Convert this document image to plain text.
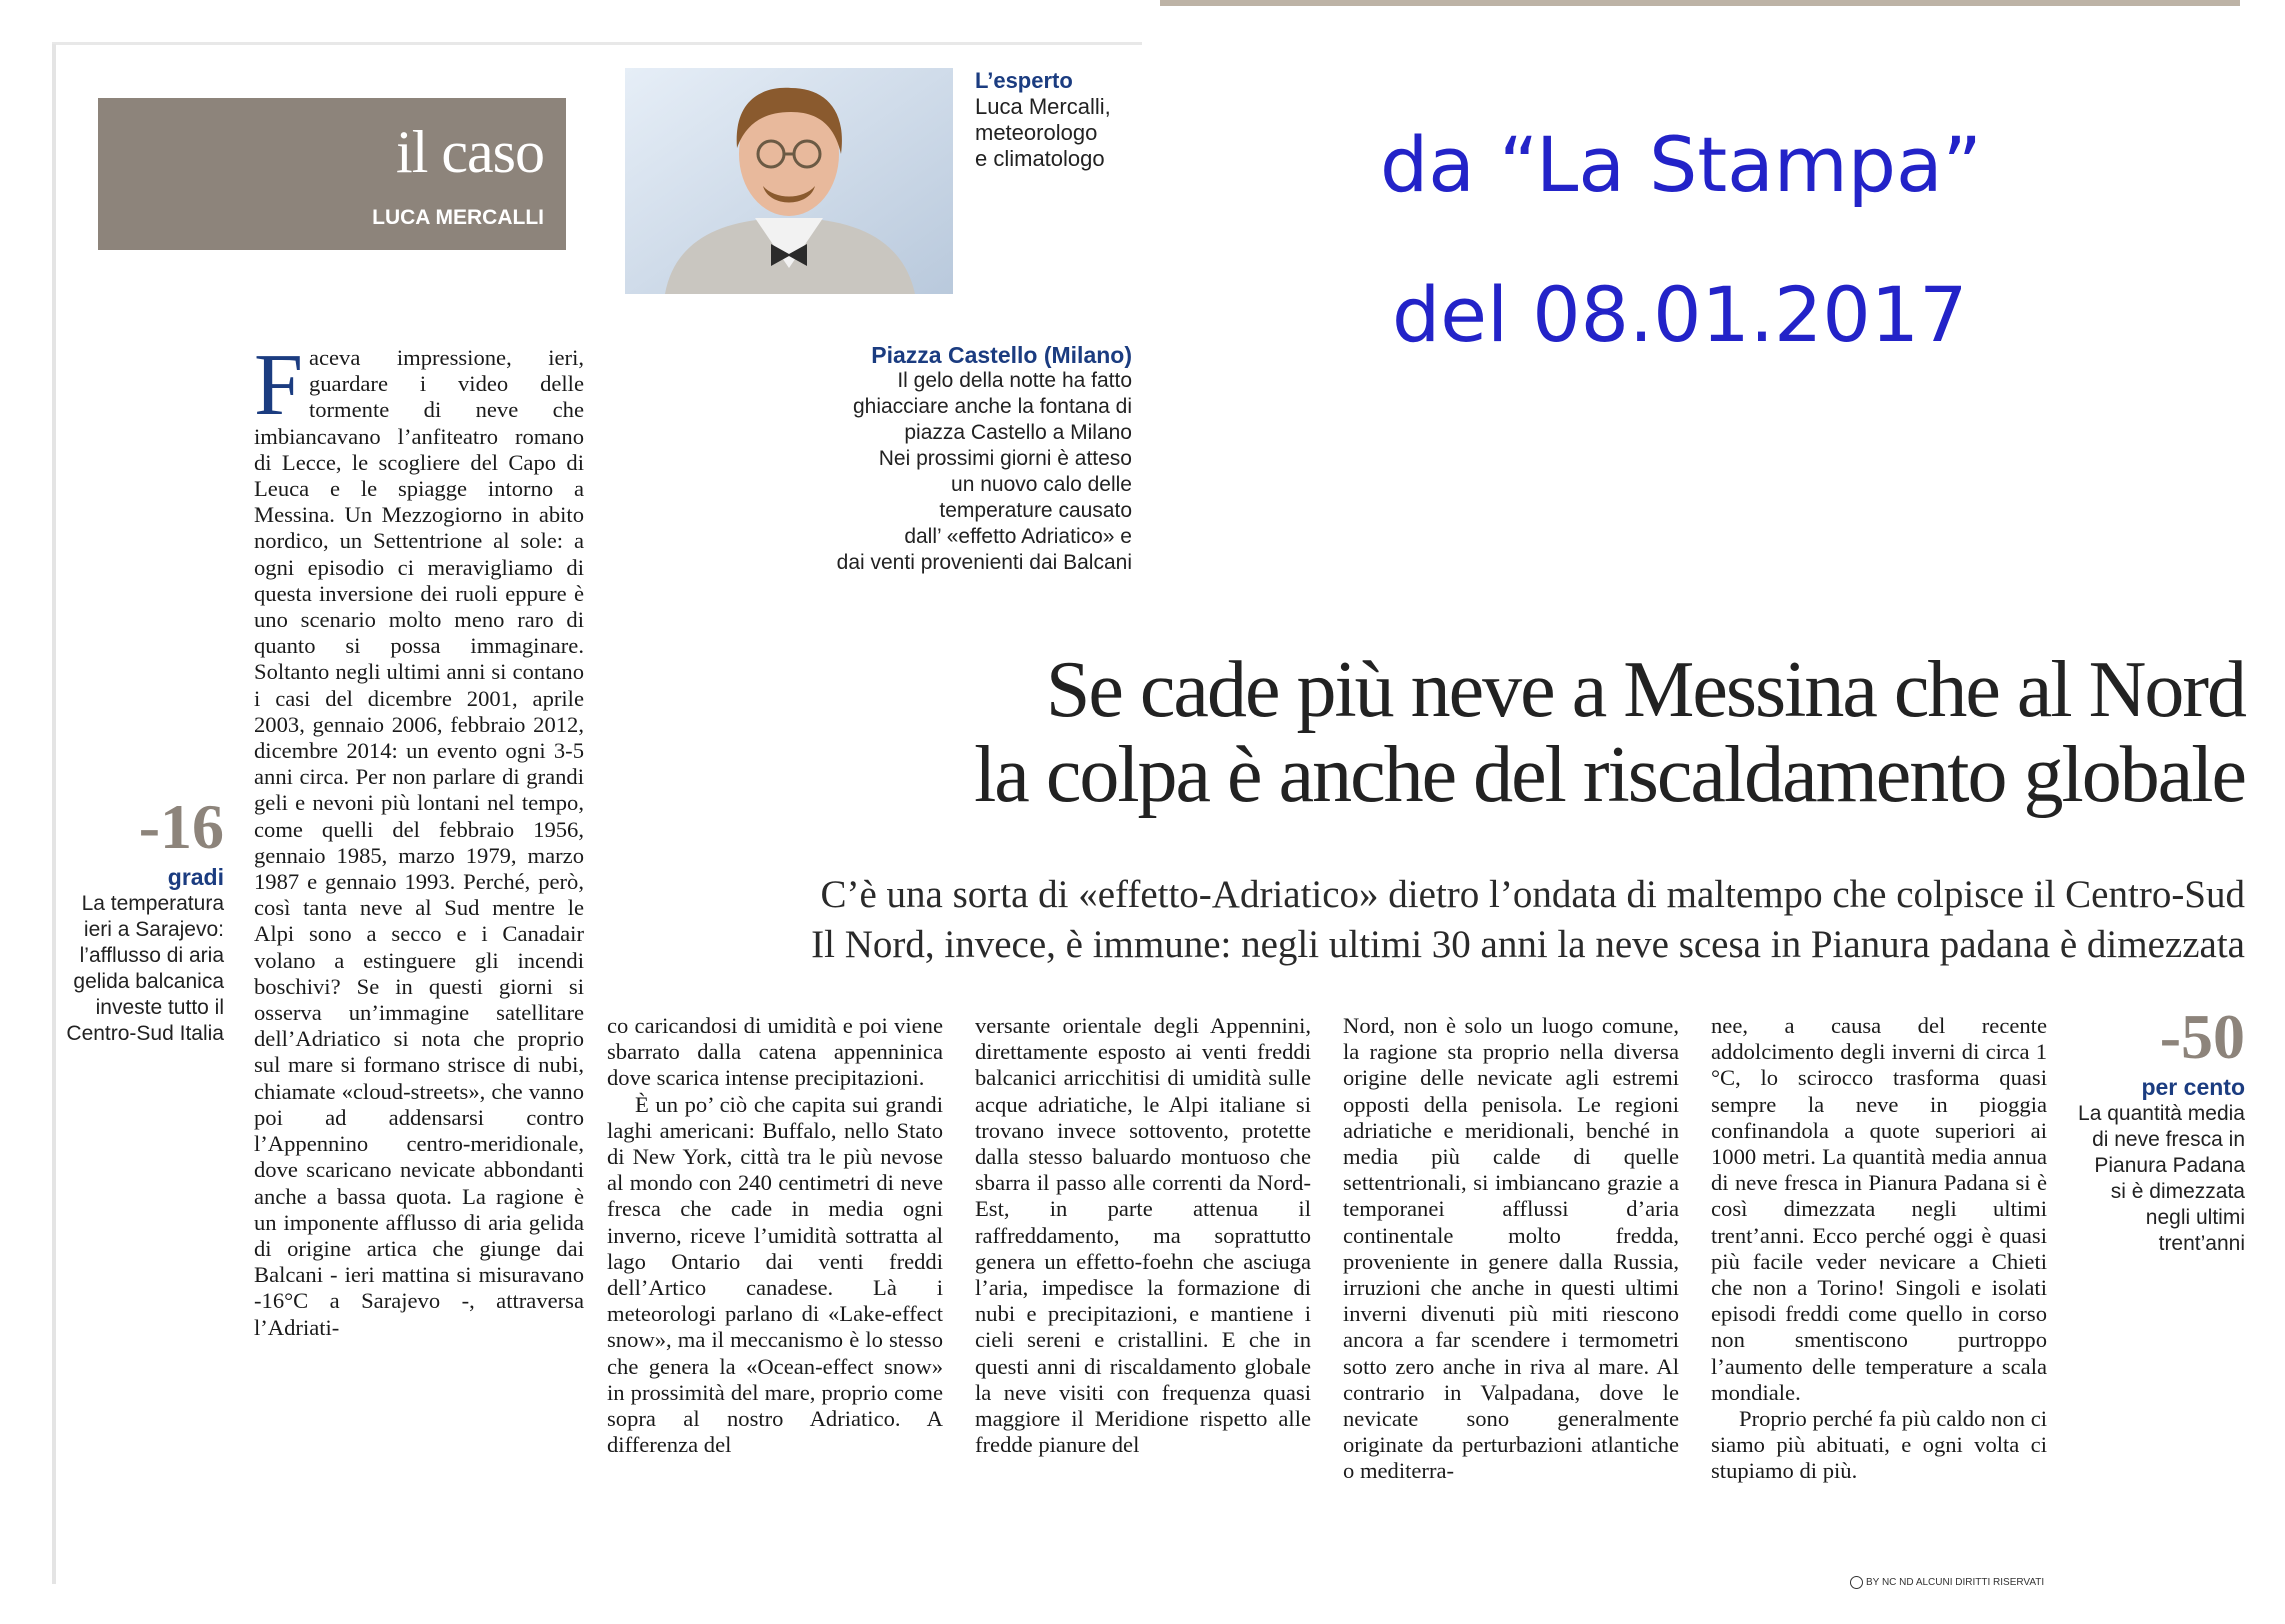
il caso
LUCA MERCALLI
L’esperto
Luca Mercalli,
meteorologo
e climatologo	da “La Stampa”
del 08.01.2017
Piazza Castello (Milano)
Il gelo della notte ha fatto
ghiacciare anche la fontana di
piazza Castello a Milano
Nei prossimi giorni è atteso
un nuovo calo delle
temperature causato
dall’ «effetto Adriatico» e
dai venti provenienti dai Balcani
Se cade più neve a Messina che al Nord
la colpa è anche del riscaldamento globale
C’è una sorta di «effetto-Adriatico» dietro l’ondata di maltempo che colpisce il Centro-Sud
Il Nord, invece, è immune: negli ultimi 30 anni la neve scesa in Pianura padana è dimezzata
-16
gradi
La temperatura ieri a Sarajevo: l’afflusso di aria gelida balcanica investe tutto il Centro-Sud Italia	-50
per cento
La quantità media di neve fresca in Pianura Padana si è dimezzata negli ultimi trent’anni

Faceva impressione, ieri, guardare i video delle tormente di neve che imbiancavano l’anfiteatro romano di Lecce, le scogliere del Capo di Leuca e le spiagge intorno a Messina. Un Mezzogiorno in abito nordico, un Settentrione al sole: a ogni episodio ci meravigliamo di questa inversione dei ruoli eppure è uno scenario molto meno raro di quanto si possa immaginare. Soltanto negli ultimi anni si contano i casi del dicembre 2001, aprile 2003, gennaio 2006, febbraio 2012, dicembre 2014: un evento ogni 3-5 anni circa. Per non parlare di grandi geli e nevoni più lontani nel tempo, come quelli del febbraio 1956, gennaio 1985, marzo 1979, marzo 1987 e gennaio 1993. Perché, però, così tanta neve al Sud mentre le Alpi sono a secco e i Canadair volano a estinguere gli incendi boschivi? Se in questi giorni si osserva un’immagine satellitare dell’Adriatico si nota che proprio sul mare si formano strisce di nubi, chiamate «cloud-streets», che vanno poi ad addensarsi contro l’Appennino centro-meridionale, dove scaricano nevicate abbondanti anche a bassa quota. La ragione è un imponente afflusso di aria gelida di origine artica che giunge dai Balcani - ieri mattina si misuravano -16°C a Sarajevo -, attraversa l’Adriati-

co caricandosi di umidità e poi viene sbarrato dalla catena appenninica dove scarica intense precipitazioni.

È un po’ ciò che capita sui grandi laghi americani: Buffalo, nello Stato di New York, città tra le più nevose al mondo con 240 centimetri di neve fresca che cade in media ogni inverno, riceve l’umidità sottratta al lago Ontario dai venti freddi dell’Artico canadese. Là i meteorologi parlano di «Lake-effect snow», ma il meccanismo è lo stesso che genera la «Ocean-effect snow» in prossimità del mare, proprio come sopra al nostro Adriatico. A differenza del

versante orientale degli Appennini, direttamente esposto ai venti freddi balcanici arricchitisi di umidità sulle acque adriatiche, le Alpi italiane si trovano invece sottovento, protette dalla stesso baluardo montuoso che sbarra il passo alle correnti da Nord-Est, in parte attenua il raffreddamento, ma soprattutto genera un effetto-foehn che asciuga l’aria, impedisce la formazione di nubi e precipitazioni, e mantiene i cieli sereni e cristallini. E che in questi anni di riscaldamento globale la neve visiti con frequenza quasi maggiore il Meridione rispetto alle fredde pianure del

Nord, non è solo un luogo comune, la ragione sta proprio nella diversa origine delle nevicate agli estremi opposti della penisola. Le regioni adriatiche e meridionali, benché in media più calde di quelle settentrionali, si imbiancano grazie a temporanei afflussi d’aria continentale molto fredda, proveniente in genere dalla Russia, irruzioni che anche in questi ultimi inverni divenuti più miti riescono ancora a far scendere i termometri sotto zero anche in riva al mare. Al contrario in Valpadana, dove le nevicate sono generalmente originate da perturbazioni atlantiche o mediterra-

nee, a causa del recente addolcimento degli inverni di circa 1 °C, lo scirocco trasforma quasi sempre la neve in pioggia confinandola a quote superiori ai 1000 metri. La quantità media annua di neve fresca in Pianura Padana si è così dimezzata negli ultimi trent’anni. Ecco perché oggi è quasi più facile veder nevicare a Chieti che non a Torino! Singoli e isolati episodi freddi come quello in corso non smentiscono purtroppo l’aumento delle temperature a scala mondiale.

Proprio perché fa più caldo non ci siamo più abituati, e ogni volta ci stupiamo di più.

BY NC ND ALCUNI DIRITTI RISERVATI
